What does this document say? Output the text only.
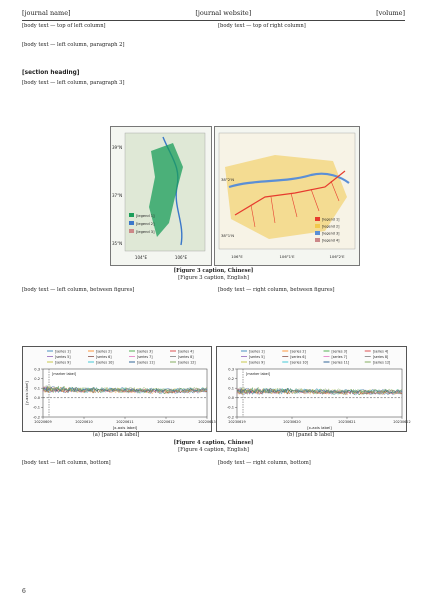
[journal name]	[journal website]	[volume]
[body text — top of left column]
[body text — left column, paragraph 2]
[section heading]
[body text — left column, paragraph 3]
[body text — top of right column]
35°N
37°N
39°N
104°E	106°E
[legend 1]
[legend 2]
[legend 3]
38°1'N
38°2'N
106°E	106°1'E	106°2'E
[legend 1]
[legend 2]
[legend 3]
[legend 4]
[Figure 3 caption, Chinese]
[Figure 3 caption, English]
[body text — left column, between figures]	[body text — right column, between figures]
-0.2
-0.1
0.0
0.1
0.2
0.3
20220609	20220610	20220611	20220612	20220613
[x-axis label]
[y-axis label]
[marker label]
[series 1]	[series 2]	[series 3]	[series 4]
[series 5]	[series 6]	[series 7]	[series 8]
[series 9]	[series 10]	[series 11]	[series 12]
-0.2
-0.1
0.0
0.1
0.2
0.3
20230619	20230620	20230621	20230622
[x-axis label]
[marker label]
[series 1]	[series 2]	[series 3]	[series 4]
[series 5]	[series 6]	[series 7]	[series 8]
[series 9]	[series 10]	[series 11]	[series 12]
(a) [panel a label]	(b) [panel b label]
[Figure 4 caption, Chinese]
[Figure 4 caption, English]
[body text — left column, bottom]	[body text — right column, bottom]
6
